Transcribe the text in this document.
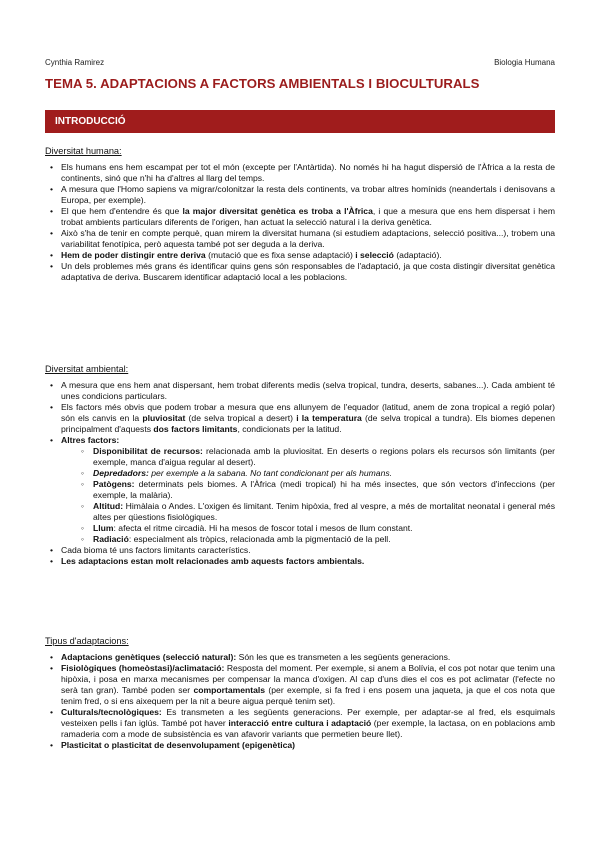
Cynthia Ramirez	Biologia Humana
TEMA 5. ADAPTACIONS A FACTORS AMBIENTALS I BIOCULTURALS
INTRODUCCIÓ
Diversitat humana:
• Els humans ens hem escampat per tot el món (excepte per l'Antàrtida). No només hi ha hagut dispersió de l'Àfrica a la resta de continents, sinó que n'hi ha d'altres al llarg del temps.
• A mesura que l'Homo sapiens va migrar/colonitzar la resta dels continents, va trobar altres homínids (neandertals i denisovans a Europa, per exemple).
• El que hem d'entendre és que la major diversitat genètica es troba a l'Àfrica, i que a mesura que ens hem dispersat i hem trobat ambients particulars diferents de l'origen, han actuat la selecció natural i la deriva genètica.
• Això s'ha de tenir en compte perquè, quan mirem la diversitat humana (si estudiem adaptacions, selecció positiva...), trobem una variabilitat fenotípica, però aquesta també pot ser deguda a la deriva.
• Hem de poder distingir entre deriva (mutació que es fixa sense adaptació) i selecció (adaptació).
• Un dels problemes més grans és identificar quins gens són responsables de l'adaptació, ja que costa distingir diversitat genètica adaptativa de deriva. Buscarem identificar adaptació local a les poblacions.
Diversitat ambiental:
• A mesura que ens hem anat dispersant, hem trobat diferents medis (selva tropical, tundra, deserts, sabanes...). Cada ambient té unes condicions particulars.
• Els factors més obvis que podem trobar a mesura que ens allunyem de l'equador (latitud, anem de zona tropical a regió polar) són els canvis en la pluviositat (de selva tropical a desert) i la temperatura (de selva tropical a tundra). Els biomes depenen principalment d'aquests dos factors limitants, condicionats per la latitud.
• Altres factors:
◦ Disponibilitat de recursos: relacionada amb la pluviositat. En deserts o regions polars els recursos són limitants (per exemple, manca d'aigua regular al desert).
◦ Depredadors: per exemple a la sabana. No tant condicionant per als humans.
◦ Patògens: determinats pels biomes. A l'Àfrica (medi tropical) hi ha més insectes, que són vectors d'infeccions (per exemple, la malària).
◦ Altitud: Himàlaia o Andes. L'oxigen és limitant. Tenim hipòxia, fred al vespre, a més de mortalitat neonatal i general més altes per qüestions fisiològiques.
◦ Llum: afecta el ritme circadià. Hi ha mesos de foscor total i mesos de llum constant.
◦ Radiació: especialment als tròpics, relacionada amb la pigmentació de la pell.
• Cada bioma té uns factors limitants característics.
• Les adaptacions estan molt relacionades amb aquests factors ambientals.
Tipus d'adaptacions:
• Adaptacions genètiques (selecció natural): Són les que es transmeten a les següents generacions.
• Fisiològiques (homeòstasi)/aclimatació: Resposta del moment. Per exemple, si anem a Bolívia, el cos pot notar que tenim una hipòxia, i posa en marxa mecanismes per compensar la manca d'oxigen. Al cap d'uns dies el cos es pot aclimatar (l'efecte no serà tan gran). També poden ser comportamentals (per exemple, si fa fred i ens posem una jaqueta, ja que el cos nota que tenim fred, o si ens aixequem per la nit a beure aigua perquè tenim set).
• Culturals/tecnològiques: Es transmeten a les següents generacions. Per exemple, per adaptar-se al fred, els esquimals vesteixen pells i fan iglús. També pot haver interacció entre cultura i adaptació (per exemple, la lactasa, on en poblacions amb ramaderia com a mode de subsistència es van afavorir variants que permetien beure llet).
• Plasticitat o plasticitat de desenvolupament (epigenètica)
